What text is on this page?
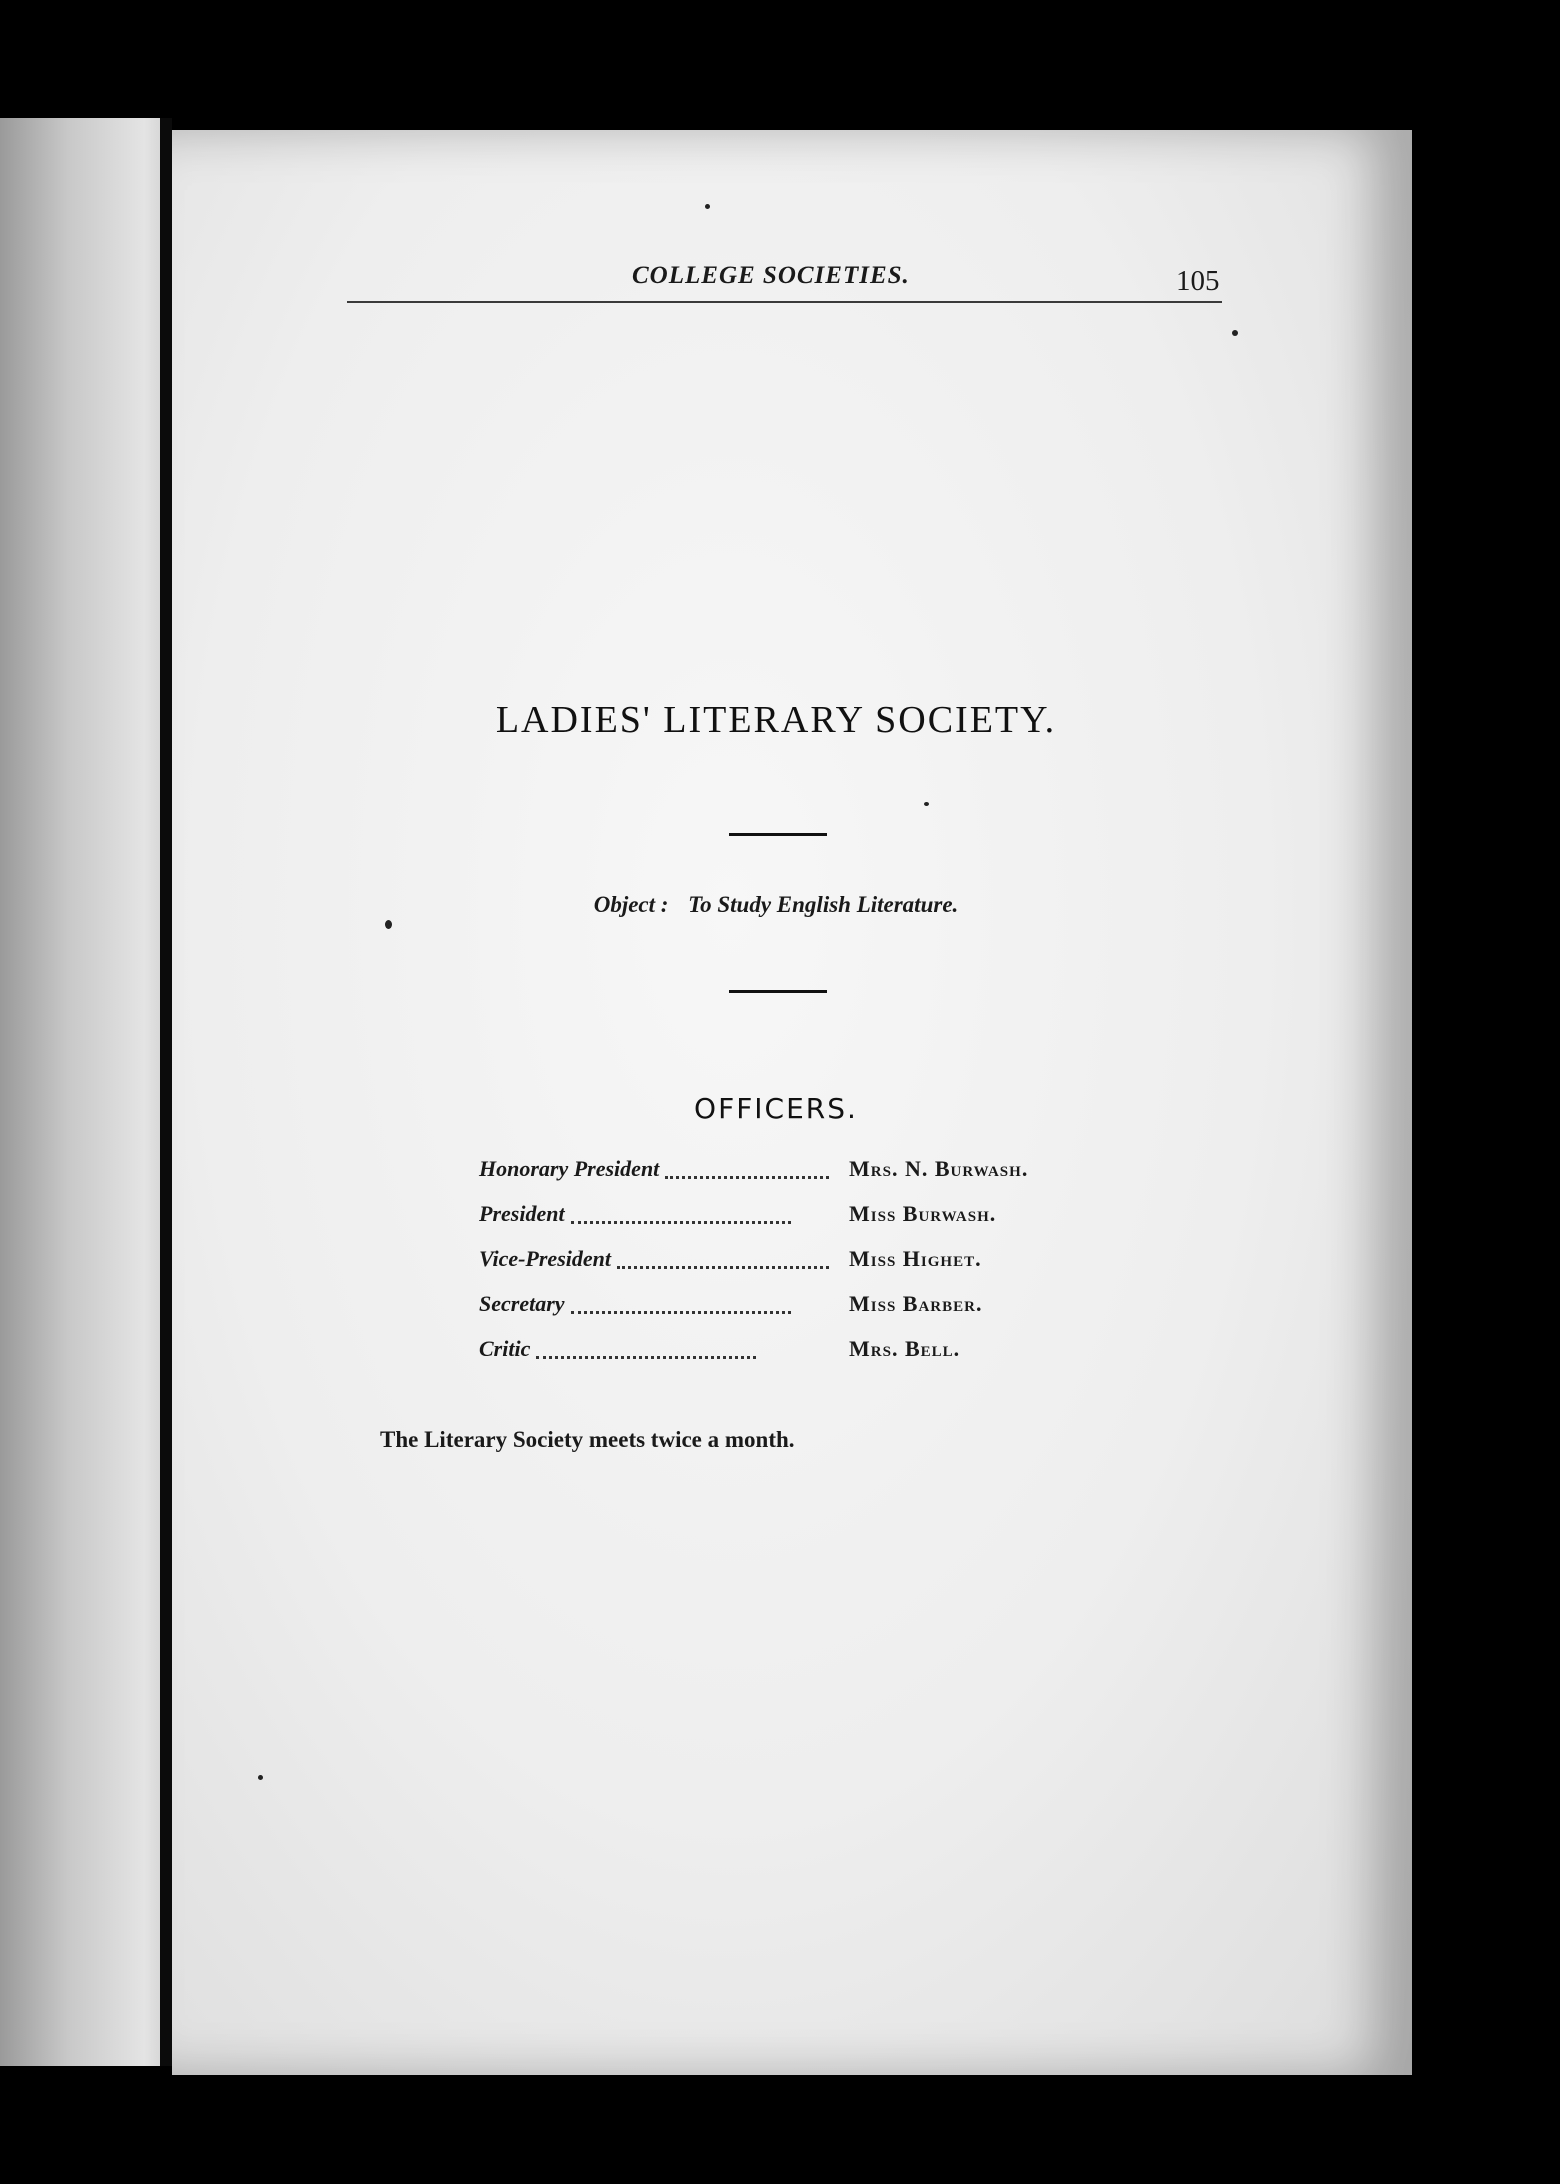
COLLEGE SOCIETIES.	105
LADIES' LITERARY SOCIETY.
Object : To Study English Literature.
OFFICERS.
Honorary President	Mrs. N. Burwash.
President	Miss Burwash.
Vice-President	Miss Highet.
Secretary	Miss Barber.
Critic	Mrs. Bell.
The Literary Society meets twice a month.
